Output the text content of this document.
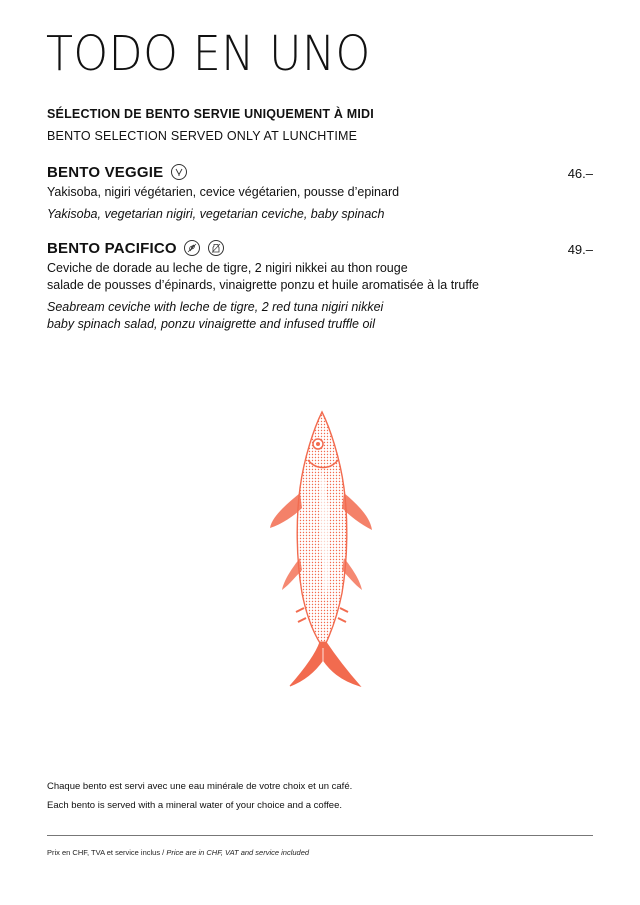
TODO EN UNO
SÉLECTION DE BENTO SERVIE UNIQUEMENT À MIDI
BENTO SELECTION SERVED ONLY AT LUNCHTIME
BENTO VEGGIE	46.–
Yakisoba, nigiri végétarien, cevice végétarien, pousse d’epinard
Yakisoba, vegetarian nigiri, vegetarian ceviche, baby spinach
BENTO PACIFICO
	49.–
Ceviche de dorade au leche de tigre, 2 nigiri nikkei au thon rouge
salade de pousses d’épinards, vinaigrette ponzu et huile aromatisée à la truffe
Seabream ceviche with leche de tigre, 2 red tuna nigiri nikkei
baby spinach salad, ponzu vinaigrette and infused truffle oil
Chaque bento est servi avec une eau minérale de votre choix et un café.
Each bento is served with a mineral water of your choice and a coffee.
Prix en CHF, TVA et service inclus / Price are in CHF, VAT and service included
